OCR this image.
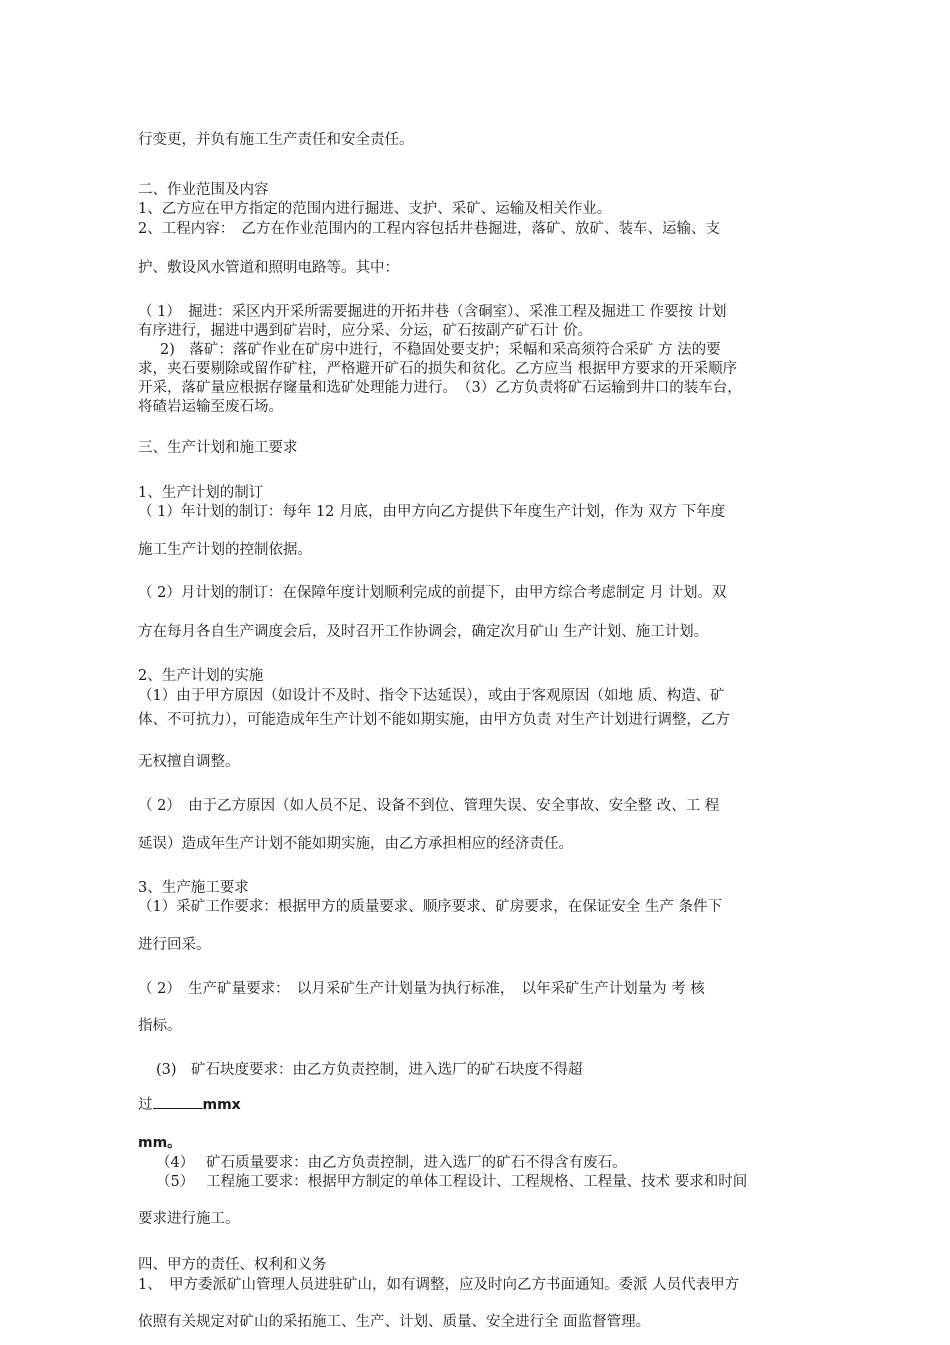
行变更，并负有施工生产责任和安全责任。
二、作业范围及内容
1、乙方应在甲方指定的范围内进行掘进、支护、采矿、运输及相关作业。
2、工程内容：　乙方在作业范围内的工程内容包括井巷掘进，落矿、放矿、装车、运输、支
护、敷设风水管道和照明电路等。其中：
（ 1）　掘进：采区内开采所需要掘进的开拓井巷（含硐室）、采准工程及掘进工 作要按 计划
有序进行，掘进中遇到矿岩时，应分采、分运，矿石按副产矿石计 价。
2)　落矿：落矿作业在矿房中进行，不稳固处要支护；采幅和采高须符合采矿 方 法的要
求，夹石要剔除或留作矿柱，严格避开矿石的损失和贫化。乙方应当 根据甲方要求的开采顺序
开采，落矿量应根据存窿量和选矿处理能力进行。　（3）乙方负责将矿石运输到井口的装车台，
将碴岩运输至废石场。
三、生产计划和施工要求
1、生产计划的制订
（ 1）年计划的制订：每年 12 月底，由甲方向乙方提供下年度生产计划，作为 双方 下年度
施工生产计划的控制依据。
（ 2）月计划的制订：在保障年度计划顺利完成的前提下，由甲方综合考虑制定 月 计划。双
方在每月各自生产调度会后，及时召开工作协调会，确定次月矿山 生产计划、施工计划。
2、生产计划的实施
（1）由于甲方原因（如设计不及时、指令下达延误），或由于客观原因（如地 质、构造、矿
体、不可抗力），可能造成年生产计划不能如期实施，由甲方负责 对生产计划进行调整，乙方
无权擅自调整。
（ 2）　由于乙方原因（如人员不足、设备不到位、管理失误、安全事故、安全整 改、工 程
延误）造成年生产计划不能如期实施，由乙方承担相应的经济责任。
3、生产施工要求
（1）采矿工作要求：根据甲方的质量要求、顺序要求、矿房要求，在保证安全 生产 条件下
进行回采。
（ 2）　生产矿量要求：　以月采矿生产计划量为执行标准，　以年采矿生产计划量为 考 核
指标。
(3)　矿石块度要求：由乙方负责控制，进入选厂的矿石块度不得超
过	mmx
mm。
（4）　 矿石质量要求：由乙方负责控制，进入选厂的矿石不得含有废石。
（5）　 工程施工要求：根据甲方制定的单体工程设计、工程规格、工程量、技术 要求和时间
要求进行施工。
四、甲方的责任、权利和义务
1、　甲方委派矿山管理人员进驻矿山，如有调整，应及时向乙方书面通知。委派 人员代表甲方
依照有关规定对矿山的采拓施工、生产、计划、质量、安全进行全 面监督管理。
